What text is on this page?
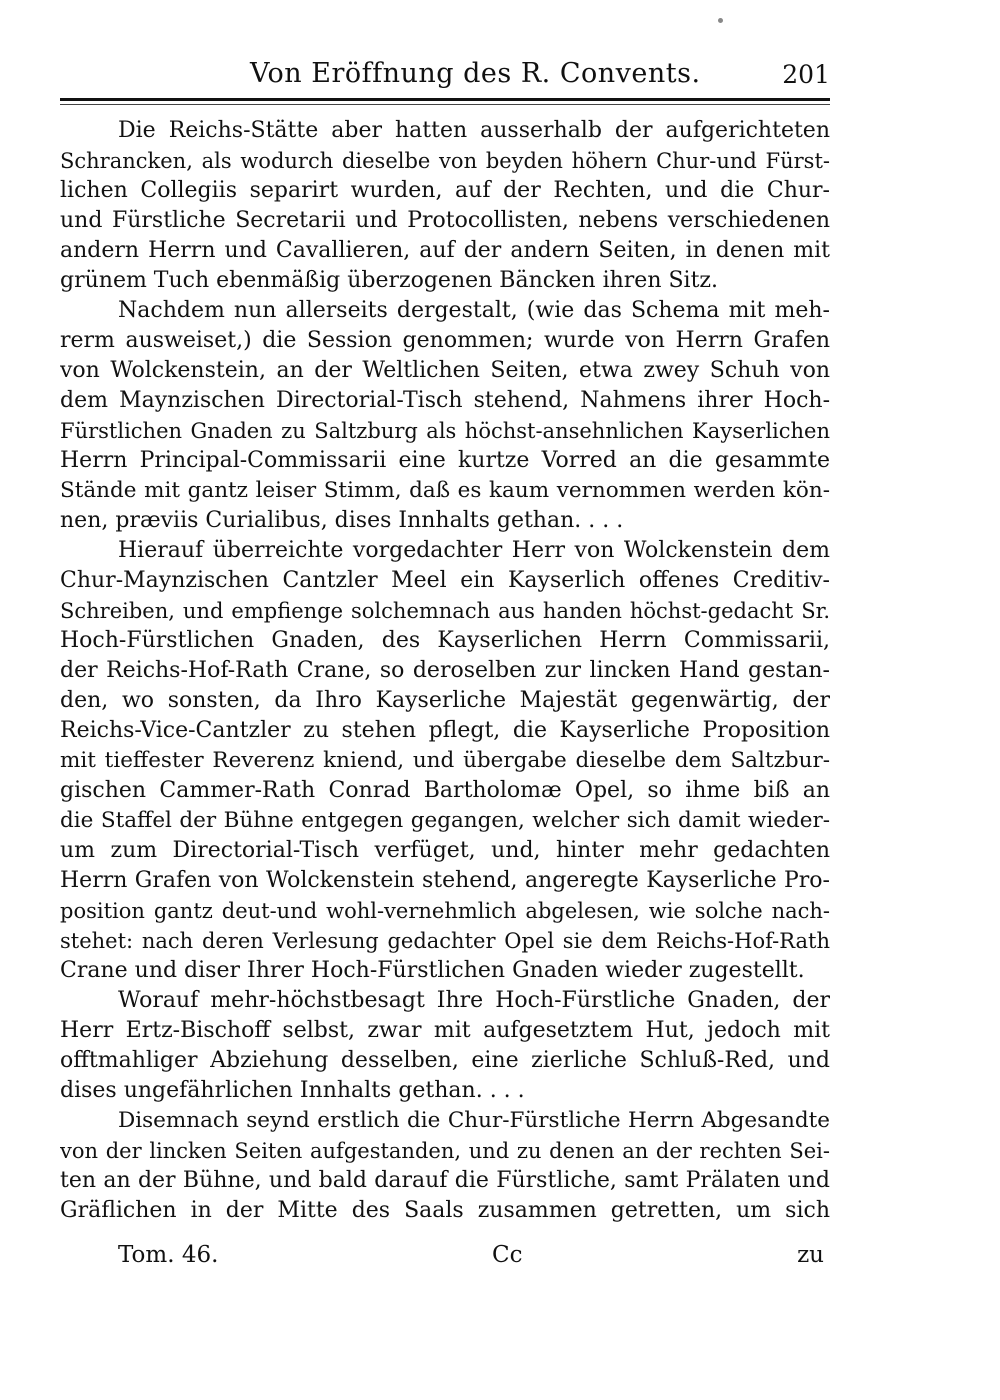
Von Eröffnung des R. Convents.	201
Die Reichs-Stätte aber hatten ausserhalb der aufgerichteten
Schrancken, als wodurch dieselbe von beyden höhern Chur-und Fürst-
lichen Collegiis separirt wurden, auf der Rechten, und die Chur-
und Fürstliche Secretarii und Protocollisten, nebens verschiedenen
andern Herrn und Cavallieren, auf der andern Seiten, in denen mit
grünem Tuch ebenmäßig überzogenen Bäncken ihren Sitz.
Nachdem nun allerseits dergestalt, (wie das Schema mit meh-
rerm ausweiset,) die Session genommen; wurde von Herrn Grafen
von Wolckenstein, an der Weltlichen Seiten, etwa zwey Schuh von
dem Maynzischen Directorial-Tisch stehend, Nahmens ihrer Hoch-
Fürstlichen Gnaden zu Saltzburg als höchst-ansehnlichen Kayserlichen
Herrn Principal-Commissarii eine kurtze Vorred an die gesammte
Stände mit gantz leiser Stimm, daß es kaum vernommen werden kön-
nen, præviis Curialibus, dises Innhalts gethan. . . .
Hierauf überreichte vorgedachter Herr von Wolckenstein dem
Chur-Maynzischen Cantzler Meel ein Kayserlich offenes Creditiv-
Schreiben, und empfienge solchemnach aus handen höchst-gedacht Sr.
Hoch-Fürstlichen Gnaden, des Kayserlichen Herrn Commissarii,
der Reichs-Hof-Rath Crane, so deroselben zur lincken Hand gestan-
den, wo sonsten, da Ihro Kayserliche Majestät gegenwärtig, der
Reichs-Vice-Cantzler zu stehen pflegt, die Kayserliche Proposition
mit tieffester Reverenz kniend, und übergabe dieselbe dem Saltzbur-
gischen Cammer-Rath Conrad Bartholomæ Opel, so ihme biß an
die Staffel der Bühne entgegen gegangen, welcher sich damit wieder-
um zum Directorial-Tisch verfüget, und, hinter mehr gedachten
Herrn Grafen von Wolckenstein stehend, angeregte Kayserliche Pro-
position gantz deut-und wohl-vernehmlich abgelesen, wie solche nach-
stehet: nach deren Verlesung gedachter Opel sie dem Reichs-Hof-Rath
Crane und diser Ihrer Hoch-Fürstlichen Gnaden wieder zugestellt.
Worauf mehr-höchstbesagt Ihre Hoch-Fürstliche Gnaden, der
Herr Ertz-Bischoff selbst, zwar mit aufgesetztem Hut, jedoch mit
offtmahliger Abziehung desselben, eine zierliche Schluß-Red, und
dises ungefährlichen Innhalts gethan. . . .
Disemnach seynd erstlich die Chur-Fürstliche Herrn Abgesandte
von der lincken Seiten aufgestanden, und zu denen an der rechten Sei-
ten an der Bühne, und bald darauf die Fürstliche, samt Prälaten und
Gräflichen in der Mitte des Saals zusammen getretten, um sich
Tom. 46.	Cc	zu
